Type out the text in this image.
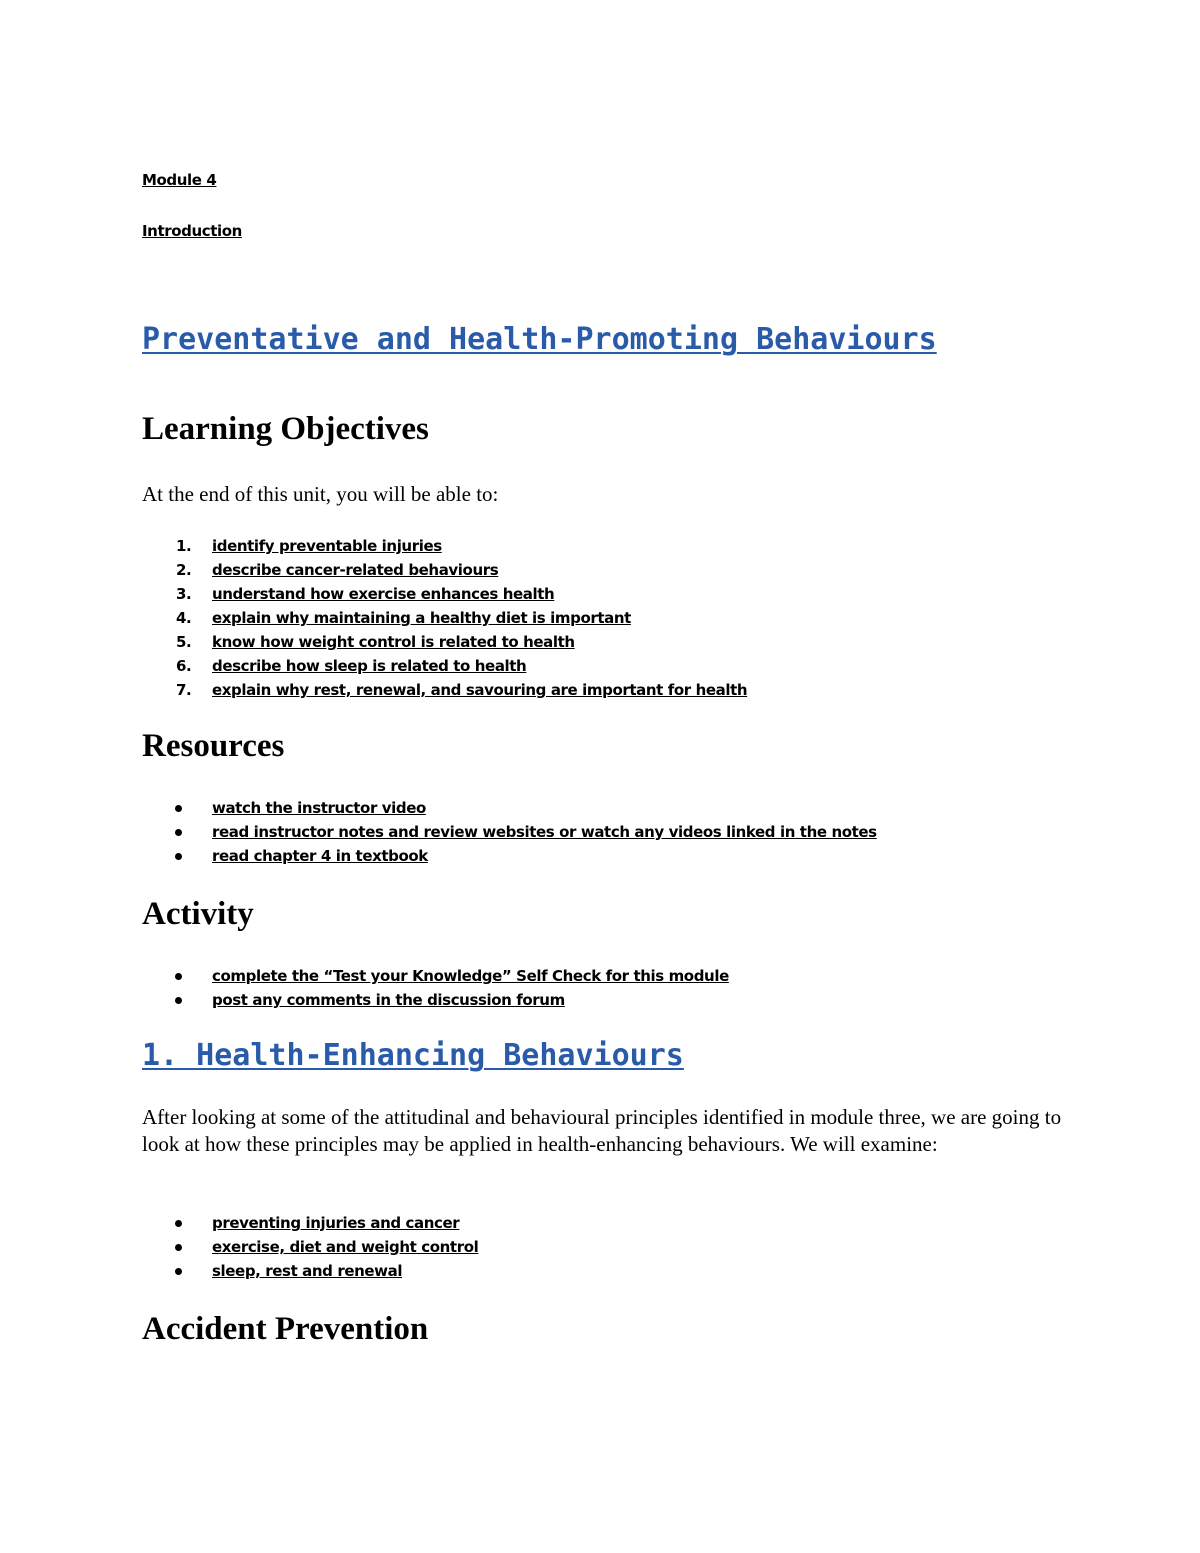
Module 4

Introduction

Preventative and Health-Promoting Behaviours
Learning Objectives

At the end of this unit, you will be able to:

1. identify preventable injuries
2. describe cancer-related behaviours
3. understand how exercise enhances health
4. explain why maintaining a healthy diet is important
5. know how weight control is related to health
6. describe how sleep is related to health
7. explain why rest, renewal, and savouring are important for health
Resources
watch the instructor video
read instructor notes and review websites or watch any videos linked in the notes
read chapter 4 in textbook
Activity
complete the “Test your Knowledge” Self Check for this module
post any comments in the discussion forum
1. Health-Enhancing Behaviours

After looking at some of the attitudinal and behavioural principles identified in module three, we are going to look at how these principles may be applied in health-enhancing behaviours. We will examine:

preventing injuries and cancer
exercise, diet and weight control
sleep, rest and renewal
Accident Prevention
